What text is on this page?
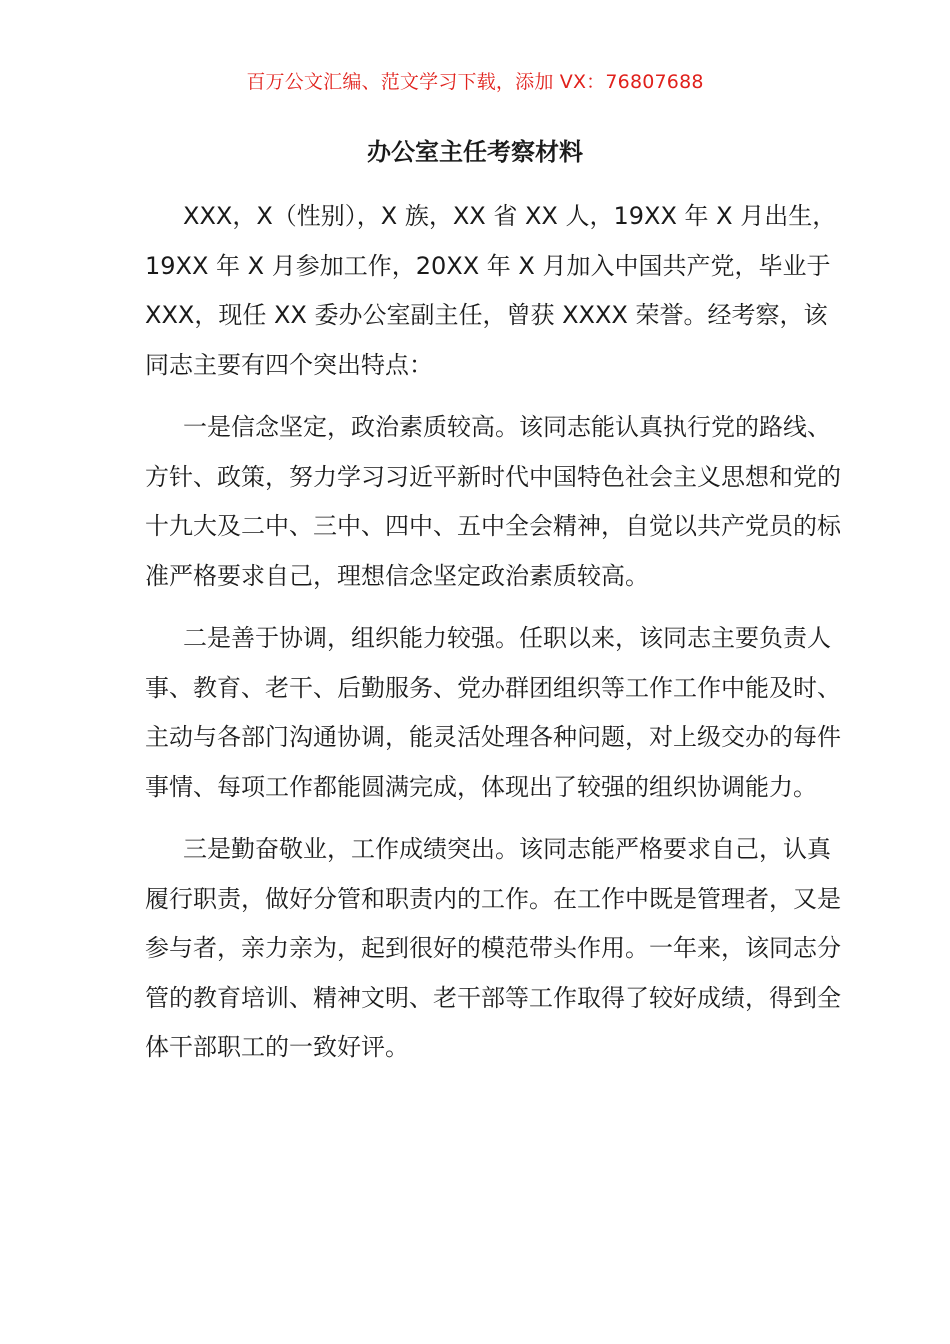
百万公文汇编、范文学习下载，添加 VX：76807688
办公室主任考察材料

XXX，X（性别），X 族，XX 省 XX 人，19XX 年 X 月出生，19XX 年 X 月参加工作，20XX 年 X 月加入中国共产党，毕业于 XXX，现任 XX 委办公室副主任，曾获 XXXX 荣誉。经考察，该同志主要有四个突出特点：

一是信念坚定，政治素质较高。该同志能认真执行党的路线、方针、政策，努力学习习近平新时代中国特色社会主义思想和党的十九大及二中、三中、四中、五中全会精神，自觉以共产党员的标准严格要求自己，理想信念坚定政治素质较高。

二是善于协调，组织能力较强。任职以来，该同志主要负责人事、教育、老干、后勤服务、党办群团组织等工作工作中能及时、主动与各部门沟通协调，能灵活处理各种问题，对上级交办的每件事情、每项工作都能圆满完成，体现出了较强的组织协调能力。

三是勤奋敬业，工作成绩突出。该同志能严格要求自己，认真履行职责，做好分管和职责内的工作。在工作中既是管理者，又是参与者，亲力亲为，起到很好的模范带头作用。一年来，该同志分管的教育培训、精神文明、老干部等工作取得了较好成绩，得到全体干部职工的一致好评。
